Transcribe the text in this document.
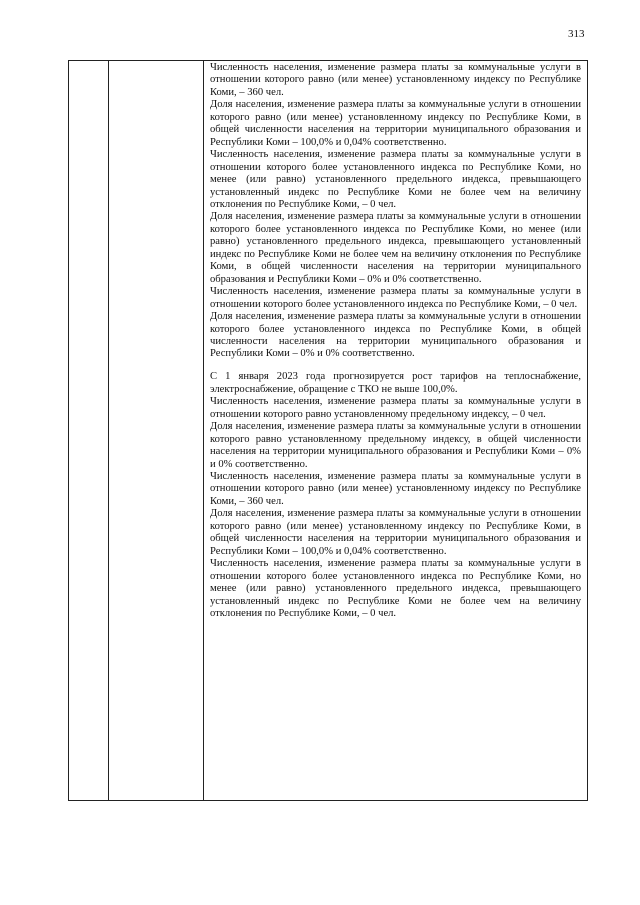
313

Численность населения, изменение размера платы за коммунальные услуги в отношении которого равно (или менее) установленному индексу по Республике Коми, – 360 чел.

Доля населения, изменение размера платы за коммунальные услуги в отношении которого равно (или менее) установленному индексу по Республике Коми, в общей численности населения на территории муниципального образования и Республики Коми – 100,0% и 0,04% соответственно.

Численность населения, изменение размера платы за коммунальные услуги в отношении которого более установленного индекса по Республике Коми, но менее (или равно) установленного предельного индекса, превышающего установленный индекс по Республике Коми не более чем на величину отклонения по Республике Коми, – 0 чел.

Доля населения, изменение размера платы за коммунальные услуги в отношении которого более установленного индекса по Республике Коми, но менее (или равно) установленного предельного индекса, превышающего установленный индекс по Республике Коми не более чем на величину отклонения по Республике Коми, в общей численности населения на территории муниципального образования и Республики Коми – 0% и 0% соответственно.

Численность населения, изменение размера платы за коммунальные услуги в отношении которого более установленного индекса по Республике Коми, – 0 чел.

Доля населения, изменение размера платы за коммунальные услуги в отношении которого более установленного индекса по Республике Коми, в общей численности населения на территории муниципального образования и Республики Коми – 0% и 0% соответственно.

С 1 января 2023 года прогнозируется рост тарифов на теплоснабжение, электроснабжение, обращение с ТКО не выше 100,0%.

Численность населения, изменение размера платы за коммунальные услуги в отношении которого равно установленному предельному индексу, – 0 чел.

Доля населения, изменение размера платы за коммунальные услуги в отношении которого равно установленному предельному индексу, в общей численности населения на территории муниципального образования и Республики Коми – 0% и 0% соответственно.

Численность населения, изменение размера платы за коммунальные услуги в отношении которого равно (или менее) установленному индексу по Республике Коми, – 360 чел.

Доля населения, изменение размера платы за коммунальные услуги в отношении которого равно (или менее) установленному индексу по Республике Коми, в общей численности населения на территории муниципального образования и Республики Коми – 100,0% и 0,04% соответственно.

Численность населения, изменение размера платы за коммунальные услуги в отношении которого более установленного индекса по Республике Коми, но менее (или равно) установленного предельного индекса, превышающего установленный индекс по Республике Коми не более чем на величину отклонения по Республике Коми, – 0 чел.
